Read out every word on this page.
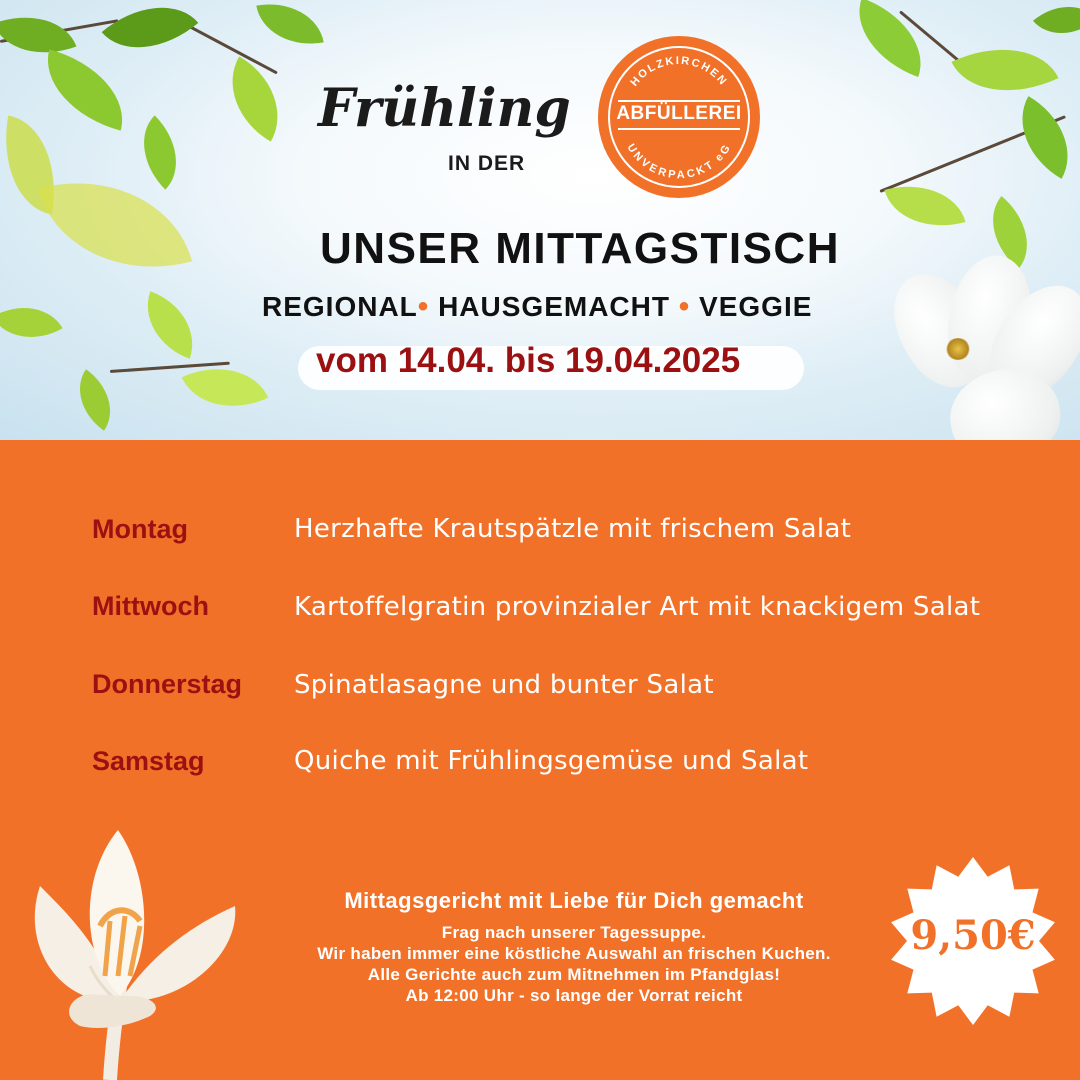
Frühling
IN DER
ABFÜLLEREI
HOLZKIRCHEN
UNVERPACKT eG
UNSER MITTAGSTISCH
REGIONAL• HAUSGEMACHT • VEGGIE
vom 14.04. bis 19.04.2025
Montag	Herzhafte Krautspätzle mit frischem Salat
Mittwoch	Kartoffelgratin provinzialer Art mit knackigem Salat
Donnerstag Spinatlasagne und bunter Salat
Samstag	Quiche mit Frühlingsgemüse und Salat
Mittagsgericht mit Liebe für Dich gemacht
Frag nach unserer Tagessuppe.
Wir haben immer eine köstliche Auswahl an frischen Kuchen.
Alle Gerichte auch zum Mitnehmen im Pfandglas!
Ab 12:00 Uhr - so lange der Vorrat reicht
9,50€
